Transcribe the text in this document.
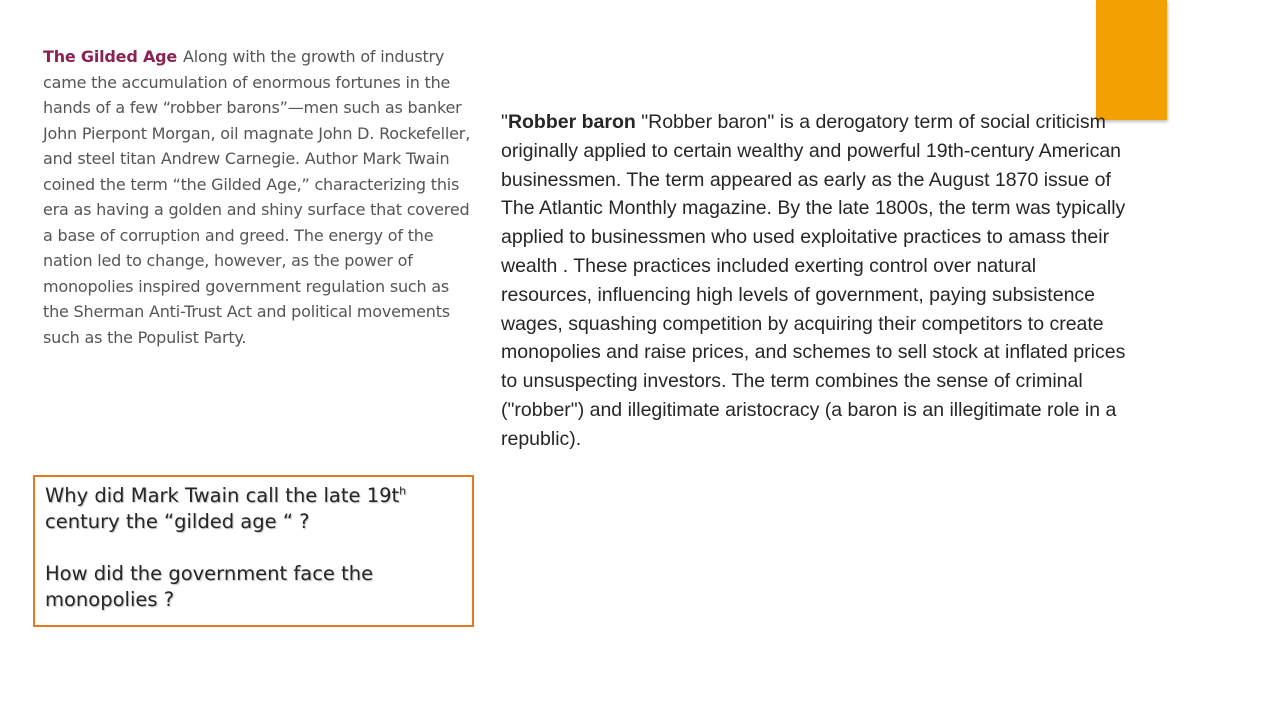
The Gilded Age Along with the growth of industry came the accumulation of enormous fortunes in the hands of a few “robber barons”—men such as banker John Pierpont Morgan, oil magnate John D. Rockefeller, and steel titan Andrew Carnegie. Author Mark Twain coined the term “the Gilded Age,” characterizing this era as having a golden and shiny surface that covered a base of corruption and greed. The energy of the nation led to change, however, as the power of monopolies inspired government regulation such as the Sherman Anti-Trust Act and political movements such as the Populist Party.
"Robber baron "Robber baron" is a derogatory term of social criticism originally applied to certain wealthy and powerful 19th-century American businessmen. The term appeared as early as the August 1870 issue of The Atlantic Monthly magazine. By the late 1800s, the term was typically applied to businessmen who used exploitative practices to amass their wealth . These practices included exerting control over natural resources, influencing high levels of government, paying subsistence wages, squashing competition by acquiring their competitors to create monopolies and raise prices, and schemes to sell stock at inflated prices to unsuspecting investors. The term combines the sense of criminal ("robber") and illegitimate aristocracy (a baron is an illegitimate role in a republic).

Why did Mark Twain call the late $19t^h$ century the “gilded age “ ?

How did the government face the monopolies ?
